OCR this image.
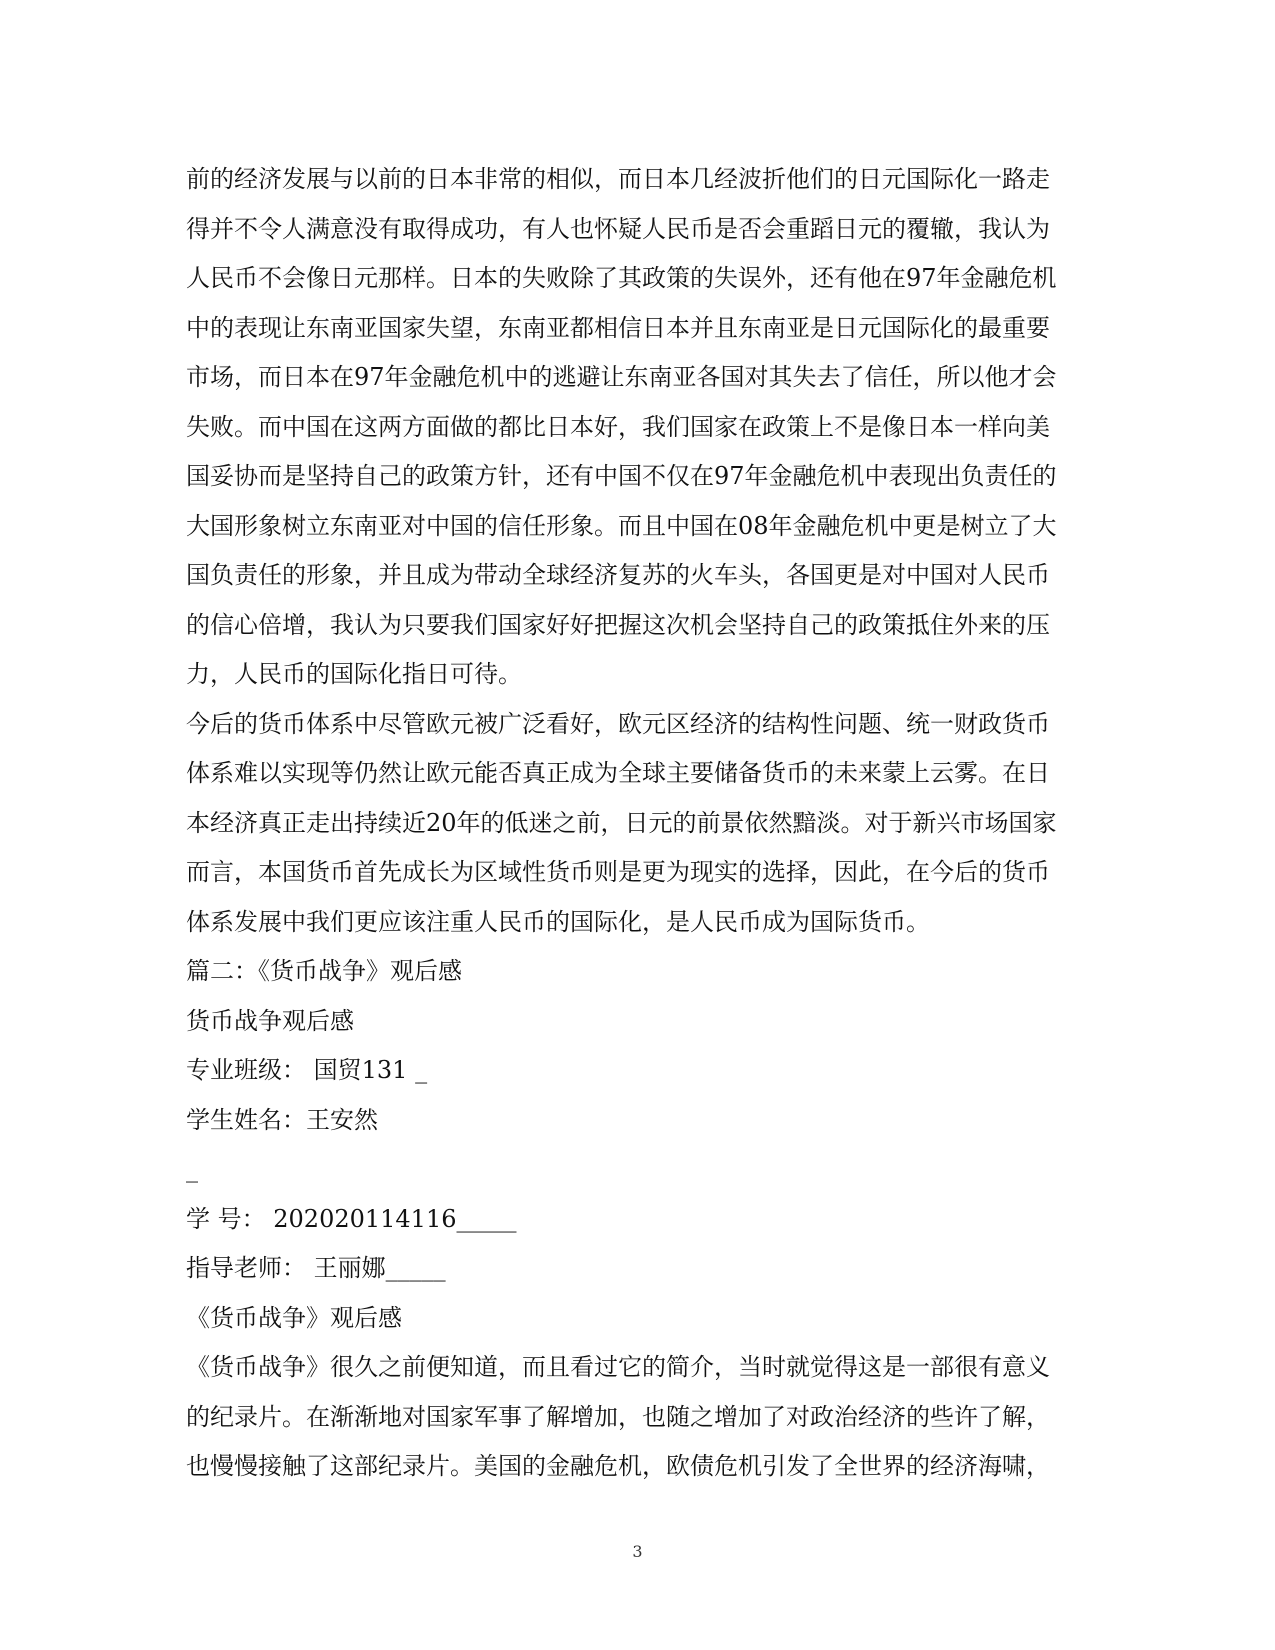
前的经济发展与以前的日本非常的相似，而日本几经波折他们的日元国际化一路走
得并不令人满意没有取得成功，有人也怀疑人民币是否会重蹈日元的覆辙，我认为
人民币不会像日元那样。日本的失败除了其政策的失误外，还有他在97年金融危机
中的表现让东南亚国家失望，东南亚都相信日本并且东南亚是日元国际化的最重要
市场，而日本在97年金融危机中的逃避让东南亚各国对其失去了信任，所以他才会
失败。而中国在这两方面做的都比日本好，我们国家在政策上不是像日本一样向美
国妥协而是坚持自己的政策方针，还有中国不仅在97年金融危机中表现出负责任的
大国形象树立东南亚对中国的信任形象。而且中国在08年金融危机中更是树立了大
国负责任的形象，并且成为带动全球经济复苏的火车头，各国更是对中国对人民币
的信心倍增，我认为只要我们国家好好把握这次机会坚持自己的政策抵住外来的压
力，人民币的国际化指日可待。
今后的货币体系中尽管欧元被广泛看好，欧元区经济的结构性问题、统一财政货币
体系难以实现等仍然让欧元能否真正成为全球主要储备货币的未来蒙上云雾。在日
本经济真正走出持续近20年的低迷之前，日元的前景依然黯淡。对于新兴市场国家
而言，本国货币首先成长为区域性货币则是更为现实的选择，因此，在今后的货币
体系发展中我们更应该注重人民币的国际化，是人民币成为国际货币。
篇二：《货币战争》观后感
货币战争观后感
专业班级： 国贸131 _
学生姓名：王安然
_
学 号： 202020114116_____
指导老师： 王丽娜_____
《货币战争》观后感
《货币战争》很久之前便知道，而且看过它的简介，当时就觉得这是一部很有意义
的纪录片。在渐渐地对国家军事了解增加，也随之增加了对政治经济的些许了解，
也慢慢接触了这部纪录片。美国的金融危机，欧债危机引发了全世界的经济海啸，
3
